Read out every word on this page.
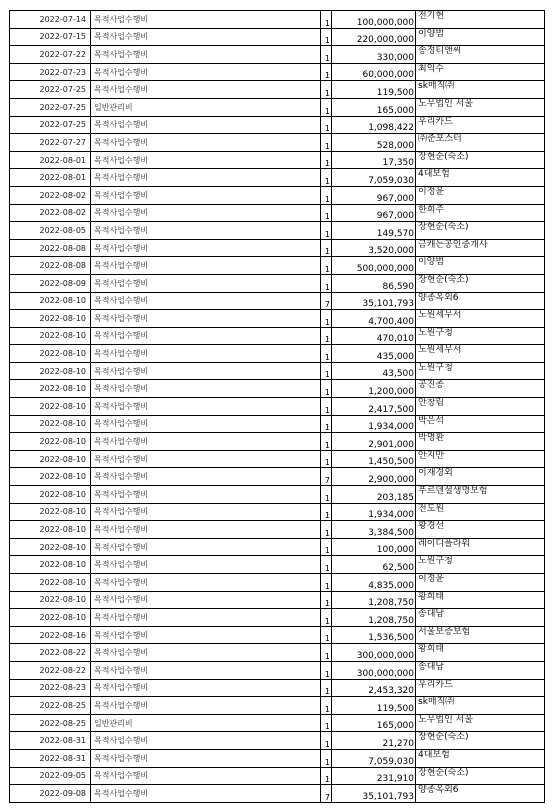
2022-07-14	목적사업수행비	1	100,000,000	전기현
2022-07-15	목적사업수행비	1	220,000,000	이양범
2022-07-22	목적사업수행비	1	330,000	송정티앤씨
2022-07-23	목적사업수행비	1	60,000,000	최익수
2022-07-25	목적사업수행비	1	119,500	sk매직㈜
2022-07-25	일반관리비	1	165,000	노무법인 서울
2022-07-25	목적사업수행비	1	1,098,422	우리카드
2022-07-27	목적사업수행비	1	528,000	㈜준포스터
2022-08-01	목적사업수행비	1	17,350	장현순(숙소)
2022-08-01	목적사업수행비	1	7,059,030	4대보험
2022-08-02	목적사업수행비	1	967,000	이정윤
2022-08-02	목적사업수행비	1	967,000	한희주
2022-08-05	목적사업수행비	1	149,570	장현순(숙소)
2022-08-08	목적사업수행비	1	3,520,000	금캐는공인중개사
2022-08-08	목적사업수행비	1	500,000,000	이양범
2022-08-09	목적사업수행비	1	86,590	장현순(숙소)
2022-08-10	목적사업수행비	7	35,101,793	양종옥외6
2022-08-10	목적사업수행비	1	4,700,400	노원세무서
2022-08-10	목적사업수행비	1	470,010	노원구청
2022-08-10	목적사업수행비	1	435,000	노원세무서
2022-08-10	목적사업수행비	1	43,500	노원구청
2022-08-10	목적사업수행비	1	1,200,000	공진종
2022-08-10	목적사업수행비	1	2,417,500	안창림
2022-08-10	목적사업수행비	1	1,934,000	박은석
2022-08-10	목적사업수행비	1	2,901,000	박명환
2022-08-10	목적사업수행비	1	1,450,500	안지만
2022-08-10	목적사업수행비	7	2,900,000	이재경외
2022-08-10	목적사업수행비	1	203,185	푸르덴셜생명보험
2022-08-10	목적사업수행비	1	1,934,000	전도원
2022-08-10	목적사업수행비	1	3,384,500	황경선
2022-08-10	목적사업수행비	1	100,000	레이디플라워
2022-08-10	목적사업수행비	1	62,500	노원구청
2022-08-10	목적사업수행비	1	4,835,000	이정윤
2022-08-10	목적사업수행비	1	1,208,750	황희태
2022-08-10	목적사업수행비	1	1,208,750	송대남
2022-08-16	목적사업수행비	1	1,536,500	서울보증보험
2022-08-22	목적사업수행비	1	300,000,000	황희태
2022-08-22	목적사업수행비	1	300,000,000	송대남
2022-08-23	목적사업수행비	1	2,453,320	우리카드
2022-08-25	목적사업수행비	1	119,500	sk매직㈜
2022-08-25	일반관리비	1	165,000	노무법인 서울
2022-08-31	목적사업수행비	1	21,270	장현순(숙소)
2022-08-31	목적사업수행비	1	7,059,030	4대보험
2022-09-05	목적사업수행비	1	231,910	장현순(숙소)
2022-09-08	목적사업수행비	7	35,101,793	양종옥외6
